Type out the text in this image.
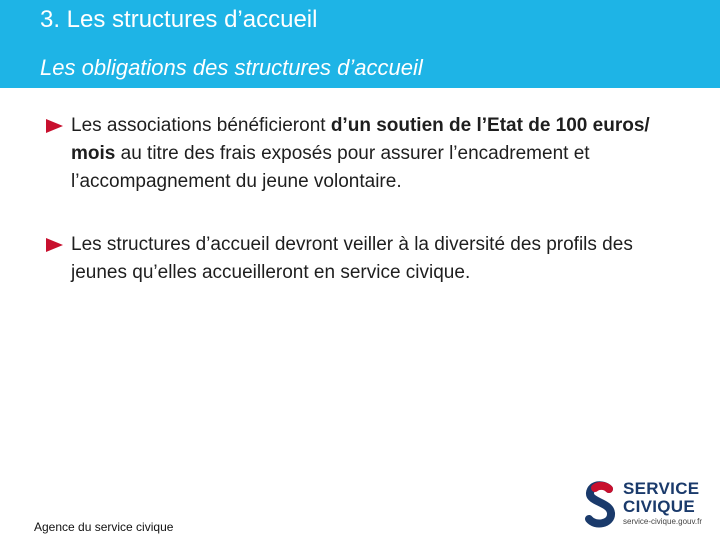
3. Les structures d’accueil
Les obligations des structures d’accueil
Les associations bénéficieront d’un soutien de l’Etat de 100 euros/ mois au titre des frais exposés pour assurer l’encadrement et l’accompagnement du jeune volontaire.
Les structures d’accueil devront veiller à la diversité des profils des jeunes qu’elles accueilleront en service civique.
Agence du service civique
SERVICE
CIVIQUE
service-civique.gouv.fr
